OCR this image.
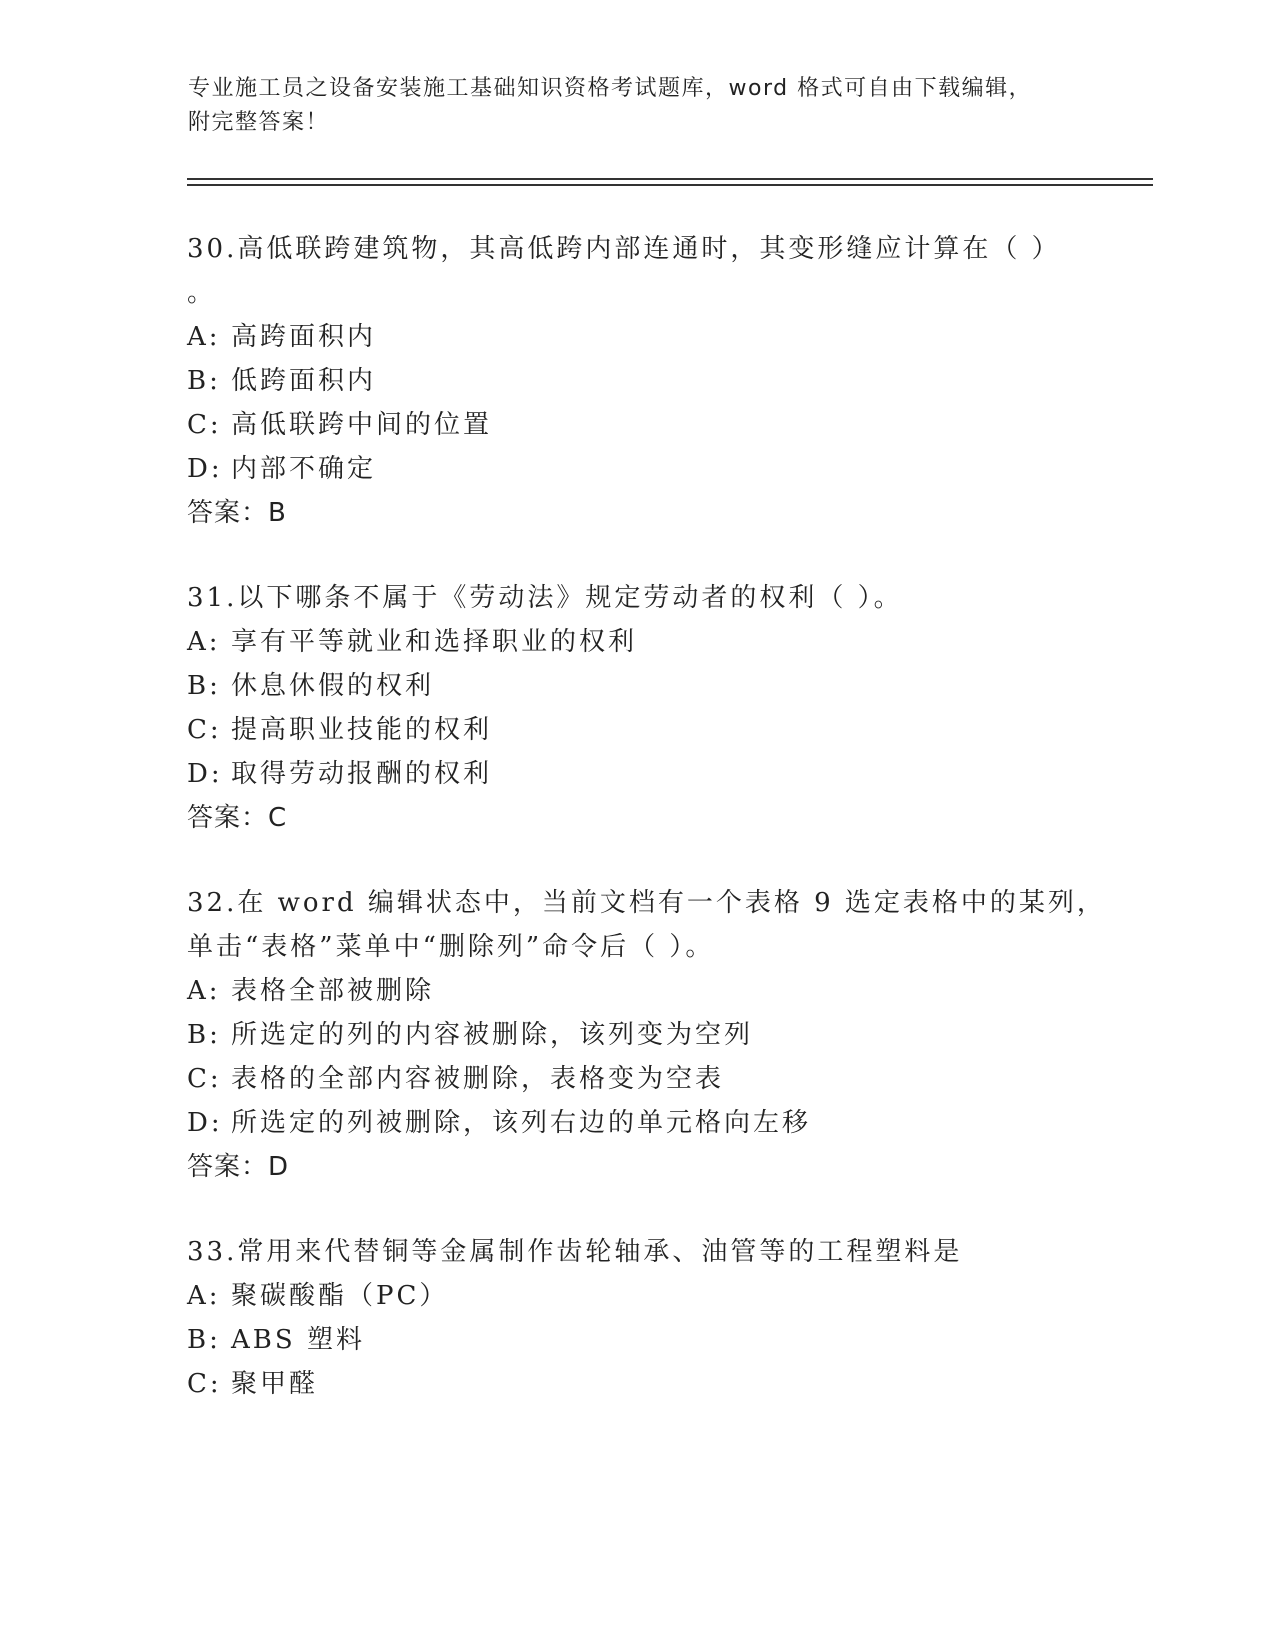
专业施工员之设备安装施工基础知识资格考试题库，word 格式可自由下载编辑，
附完整答案！
30.高低联跨建筑物，其高低跨内部连通时，其变形缝应计算在（ ）
。
A: 高跨面积内
B: 低跨面积内
C: 高低联跨中间的位置
D: 内部不确定
答案：B
31.以下哪条不属于《劳动法》规定劳动者的权利（ ）。
A: 享有平等就业和选择职业的权利
B: 休息休假的权利
C: 提高职业技能的权利
D: 取得劳动报酬的权利
答案：C
32.在 word 编辑状态中，当前文档有一个表格 9 选定表格中的某列，
单击“表格”菜单中“删除列”命令后（ ）。
A: 表格全部被删除
B: 所选定的列的内容被删除，该列变为空列
C: 表格的全部内容被删除，表格变为空表
D: 所选定的列被删除，该列右边的单元格向左移
答案：D
33.常用来代替铜等金属制作齿轮轴承、油管等的工程塑料是
A: 聚碳酸酯（PC）
B: ABS 塑料
C: 聚甲醛
